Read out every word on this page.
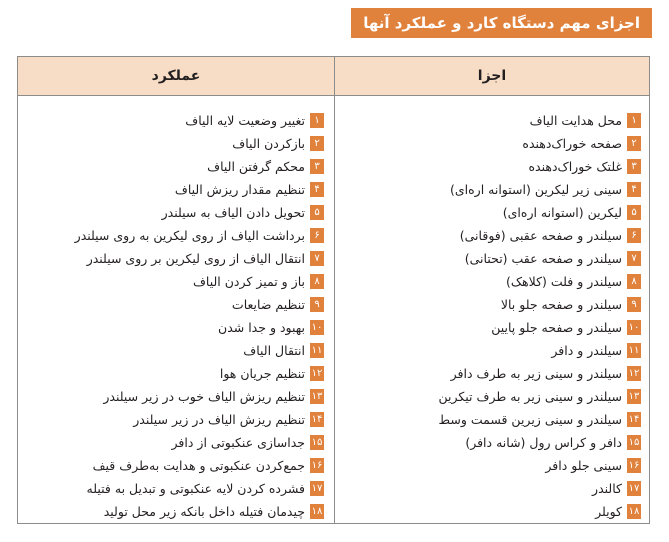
اجزای مهم دستگاه کارد و عملکرد آنها
اجزا
عملکرد
۱
محل هدایت الیاف
۲
صفحه خوراک‌دهنده
۳
غلتک خوراک‌دهنده
۴
سینی زیر لیکرین (استوانه اره‌ای)
۵
لیکرین (استوانه اره‌ای)
۶
سیلندر و صفحه عقبی (فوقانی)
۷
سیلندر و صفحه عقب (تحتانی)
۸
سیلندر و فلت (کلاهک)
۹
سیلندر و صفحه جلو بالا
۱۰
سیلندر و صفحه جلو پایین
۱۱
سیلندر و دافر
۱۲
سیلندر و سینی زیر به طرف دافر
۱۳
سیلندر و سینی زیر به طرف تیکرین
۱۴
سیلندر و سینی زیرین قسمت وسط
۱۵
دافر و کراس رول (شانه دافر)
۱۶
سینی جلو دافر
۱۷
کالندر
۱۸
کویلر
۱
تغییر وضعیت لایه الیاف
۲
بازکردن الیاف
۳
محکم گرفتن الیاف
۴
تنظیم مقدار ریزش الیاف
۵
تحویل دادن الیاف به سیلندر
۶
برداشت الیاف از روی لیکرین به روی سیلندر
۷
انتقال الیاف از روی لیکرین بر روی سیلندر
۸
باز و تمیز کردن الیاف
۹
تنظیم ضایعات
۱۰
بهبود و جدا شدن
۱۱
انتقال الیاف
۱۲
تنظیم جریان هوا
۱۳
تنظیم ریزش الیاف خوب در زیر سیلندر
۱۴
تنظیم ریزش الیاف در زیر سیلندر
۱۵
جداسازی عنکبوتی از دافر
۱۶
جمع‌کردن عنکبوتی و هدایت به‌طرف قیف
۱۷
فشرده کردن لایه عنکبوتی و تبدیل به فتیله
۱۸
چیدمان فتیله داخل بانکه زیر محل تولید
